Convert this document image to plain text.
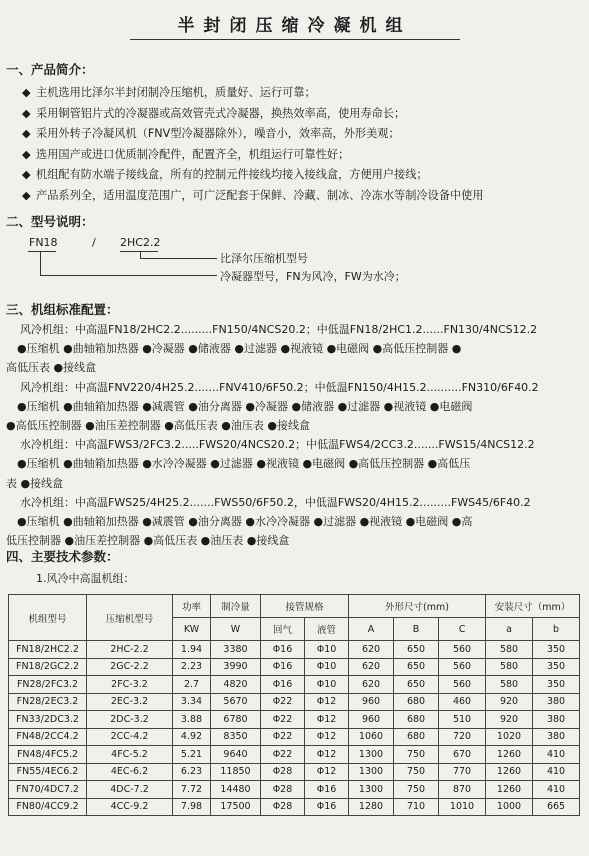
半封闭压缩冷凝机组
一、产品简介：
◆ 主机选用比泽尔半封闭制冷压缩机，质量好、运行可靠；
◆ 采用铜管铝片式的冷凝器或高效管壳式冷凝器，换热效率高，使用寿命长；
◆ 采用外转子冷凝风机（FNV型冷凝器除外），噪音小，效率高，外形美观；
◆ 选用国产或进口优质制冷配件，配置齐全，机组运行可靠性好；
◆ 机组配有防水端子接线盒，所有的控制元件接线均接入接线盒，方便用户接线；
◆ 产品系列全，适用温度范围广，可广泛配套于保鲜、冷藏、制冰、冷冻水等制冷设备中使用
二、型号说明：
FN18	/ 2HC2.2
比泽尔压缩机型号
冷凝器型号，FN为风冷，FW为水冷；
三、机组标准配置：
风冷机组：中高温FN18/2HC2.2.........FN150/4NCS20.2；中低温FN18/2HC1.2......FN130/4NCS12.2
●压缩机 ●曲轴箱加热器 ●冷凝器 ●储液器 ●过滤器 ●视液镜 ●电磁阀 ●高低压控制器 ●
高低压表 ●接线盒
风冷机组：中高温FNV220/4H25.2.......FNV410/6F50.2；中低温FN150/4H15.2..........FN310/6F40.2
●压缩机 ●曲轴箱加热器 ●减震管 ●油分离器 ●冷凝器 ●储液器 ●过滤器 ●视液镜 ●电磁阀
●高低压控制器 ●油压差控制器 ●高低压表 ●油压表 ●接线盒
水冷机组：中高温FWS3/2FC3.2.....FWS20/4NCS20.2；中低温FWS4/2CC3.2.......FWS15/4NCS12.2
●压缩机 ●曲轴箱加热器 ●水冷冷凝器 ●过滤器 ●视液镜 ●电磁阀 ●高低压控制器 ●高低压
表 ●接线盒
水冷机组：中高温FWS25/4H25.2.......FWS50/6F50.2，中低温FWS20/4H15.2.........FWS45/6F40.2
●压缩机 ●曲轴箱加热器 ●减震管 ●油分离器 ●水冷冷凝器 ●过滤器 ●视液镜 ●电磁阀 ●高
低压控制器 ●油压差控制器 ●高低压表 ●油压表 ●接线盒
四、主要技术参数：
1.风冷中高温机组：
机组型号	压缩机型号	功率	制冷量	接管规格		外形尺寸(mm)			安装尺寸（mm）	
		KW	W	回气	液管	A	B	C	a	b
FN18/2HC2.2	2HC-2.2	1.94	3380	Φ16	Φ10	620	650	560	580	350
FN18/2GC2.2	2GC-2.2	2.23	3990	Φ16	Φ10	620	650	560	580	350
FN28/2FC3.2	2FC-3.2	2.7	4820	Φ16	Φ10	620	650	560	580	350
FN28/2EC3.2	2EC-3.2	3.34	5670	Φ22	Φ12	960	680	460	920	380
FN33/2DC3.2	2DC-3.2	3.88	6780	Φ22	Φ12	960	680	510	920	380
FN48/2CC4.2	2CC-4.2	4.92	8350	Φ22	Φ12	1060	680	720	1020	380
FN48/4FC5.2	4FC-5.2	5.21	9640	Φ22	Φ12	1300	750	670	1260	410
FN55/4EC6.2	4EC-6.2	6.23	11850	Φ28	Φ12	1300	750	770	1260	410
FN70/4DC7.2	4DC-7.2	7.72	14480	Φ28	Φ16	1300	750	870	1260	410
FN80/4CC9.2	4CC-9.2	7.98	17500	Φ28	Φ16	1280	710	1010	1000	665
